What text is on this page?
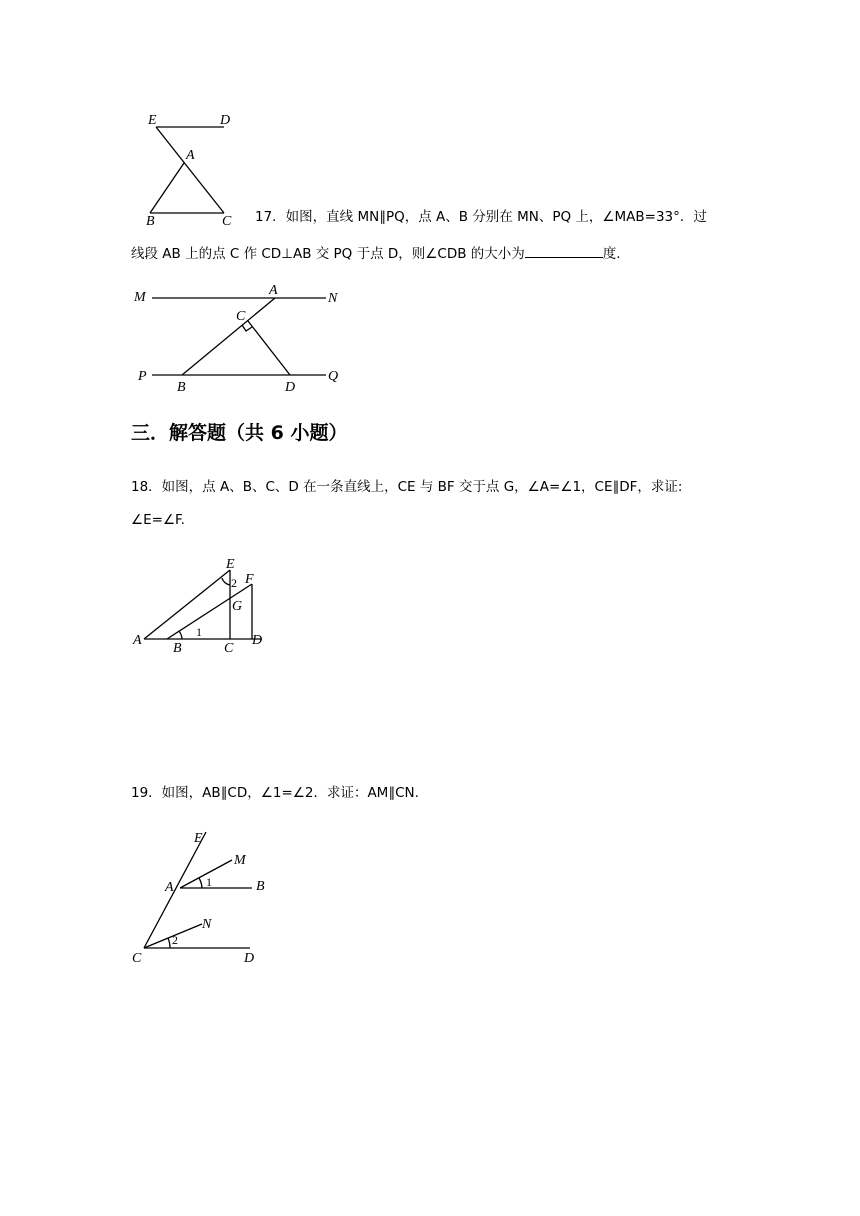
E	D
A
B	C 17．如图，直线 MN∥PQ，点 A、B 分别在 MN、PQ 上，∠MAB=33°．过
线段 AB 上的点 C 作 CD⊥AB 交 PQ 于点 D，则∠CDB 的大小为	度.
M	A
N
C
P
B	D
Q
三．解答题（共 6 小题）
18．如图，点 A、B、C、D 在一条直线上，CE 与 BF 交于点 G，∠A=∠1，CE∥DF，求证:
∠E=∠F.
E
F
2
G
1
A
B	C
D
19．如图，AB∥CD，∠1=∠2．求证：AM∥CN.
E
M
A	1	B
N
2
C	D
